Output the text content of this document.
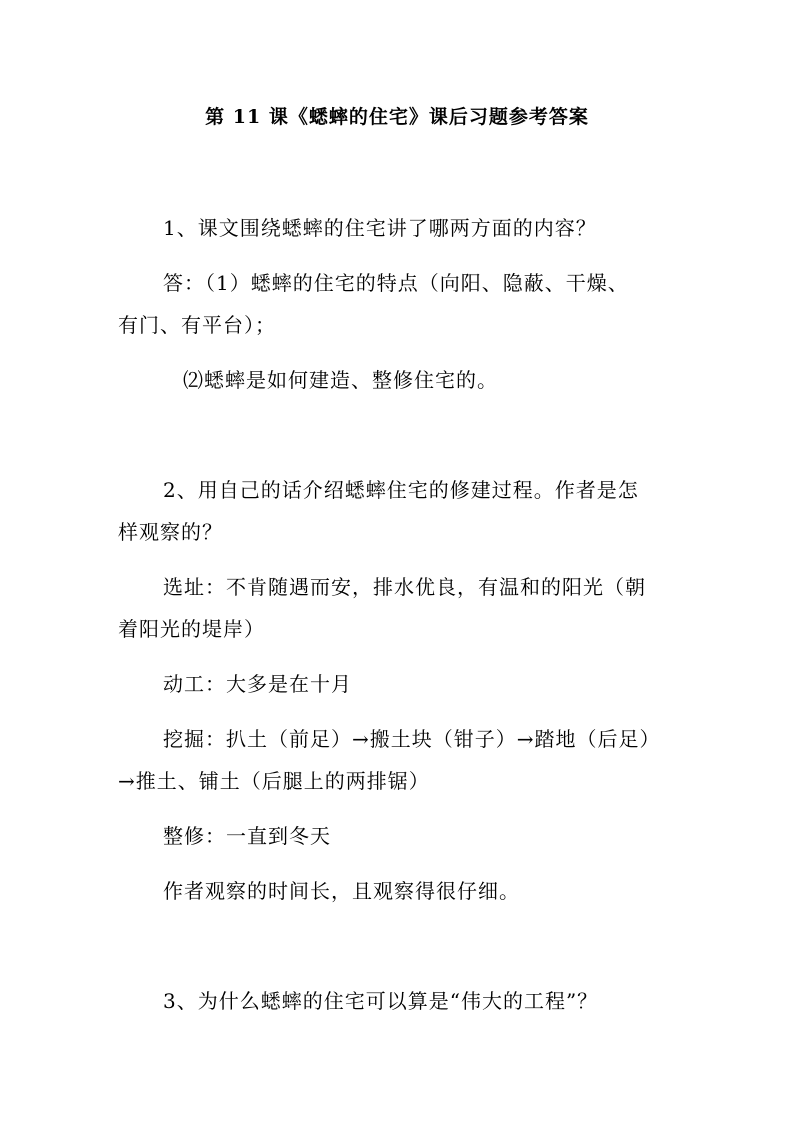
第 11 课《蟋蟀的住宅》课后习题参考答案
1、课文围绕蟋蟀的住宅讲了哪两方面的内容？
答：（1）蟋蟀的住宅的特点（向阳、隐蔽、干燥、
有门、有平台）；
⑵蟋蟀是如何建造、整修住宅的。
2、用自己的话介绍蟋蟀住宅的修建过程。作者是怎
样观察的？
选址：不肯随遇而安，排水优良，有温和的阳光（朝
着阳光的堤岸）
动工：大多是在十月
挖掘：扒土（前足）→搬土块（钳子）→踏地（后足）
→推土、铺土（后腿上的两排锯）
整修：一直到冬天
作者观察的时间长，且观察得很仔细。
3、为什么蟋蟀的住宅可以算是“伟大的工程”？
